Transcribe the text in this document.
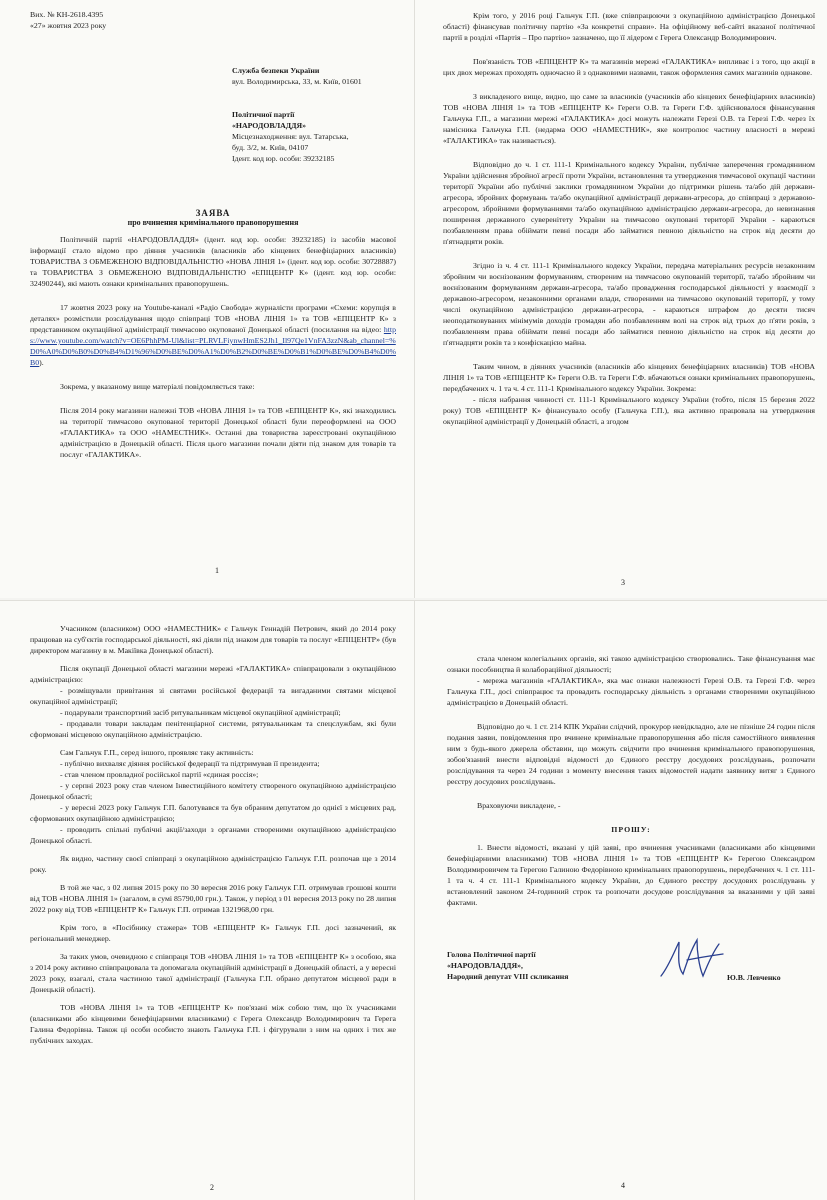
Вих. № КН-2618.4395
«27» жовтня 2023 року

Служба безпеки України

вул. Володимирська, 33, м. Київ, 01601

Політичної партії

«НАРОДОВЛАДДЯ»

Місцезнаходження: вул. Татарська,

буд. 3/2, м. Київ, 04107

Ідент. код юр. особи: 39232185

ЗАЯВА
про вчинення кримінального правопорушення

Політичній партії «НАРОДОВЛАДДЯ» (ідент. код юр. особи: 39232185) із засобів масової інформації стало відомо про діяння учасників (власників або кінцевих бенефіціарних власників) ТОВАРИСТВА З ОБМЕЖЕНОЮ ВІДПОВІДАЛЬНІСТЮ «НОВА ЛІНІЯ 1» (ідент. код юр. особи: 30728887) та ТОВАРИСТВА З ОБМЕЖЕНОЮ ВІДПОВІДАЛЬНІСТЮ «ЕПІЦЕНТР К» (ідент. код юр. особи: 32490244), які мають ознаки кримінальних правопорушень.

17 жовтня 2023 року на Youtube-каналі «Радіо Свобода» журналісти програми «Схеми: корупція в деталях» розмістили розслідування щодо співпраці ТОВ «НОВА ЛІНІЯ 1» та ТОВ «ЕПІЦЕНТР К» з представником окупаційної адміністрації тимчасово окупованої Донецької області (посилання на відео: https://www.youtube.com/watch?v=OE6PhhPM-Ul&list=PLRVLFiynwHmES2Jh1_Il97Qe1VnFA3zzN&ab_channel=%D0%A0%D0%B0%D0%B4%D1%96%D0%BE%D0%A1%D0%B2%D0%BE%D0%B1%D0%BE%D0%B4%D0%B0).

Зокрема, у вказаному вище матеріалі повідомляється таке:

Після 2014 року магазини належні ТОВ «НОВА ЛІНІЯ 1» та ТОВ «ЕПІЦЕНТР К», які знаходились на території тимчасово окупованої території Донецької області були переоформлені на ООО «ГАЛАКТИКА» та ООО «НАМЕСТНИК». Останні два товариства зареєстровані окупаційною адміністрацією в Донецькій області. Після цього магазини почали діяти під знаком для товарів та послуг «ГАЛАКТИКА».

1

Крім того, у 2016 році Гальчук Г.П. (вже співпрацюючи з окупаційною адміністрацією Донецької області) фінансував політичну партію «За конкретні справи». На офіційному веб-сайті вказаної політичної партії в розділі «Партія – Про партію» зазначено, що її лідером є Герега Олександр Володимирович.

Пов'язаність ТОВ «ЕПІЦЕНТР К» та магазинів мережі «ГАЛАКТИКА» випливає і з того, що акції в цих двох мережах проходять одночасно й з однаковими назвами, також оформлення самих магазинів однакове.

З викладеного вище, видно, що саме за власників (учасників або кінцевих бенефіціарних власників) ТОВ «НОВА ЛІНІЯ 1» та ТОВ «ЕПІЦЕНТР К» Гереги О.В. та Гереги Г.Ф. здійснювалося фінансування Гальчука Г.П., а магазини мережі «ГАЛАКТИКА» досі можуть належати Герезі О.В. та Герезі Г.Ф. через їх намісника Гальчука Г.П. (недарма ООО «НАМЕСТНИК», яке контролює частину власності в мережі «ГАЛАКТИКА» так називається).

Відповідно до ч. 1 ст. 111-1 Кримінального кодексу України, публічне заперечення громадянином України здійснення збройної агресії проти України, встановлення та утвердження тимчасової окупації частини території України або публічні заклики громадянином України до підтримки рішень та/або дій держави-агресора, збройних формувань та/або окупаційної адміністрації держави-агресора, до співпраці з державою-агресором, збройними формуваннями та/або окупаційною адміністрацією держави-агресора, до невизнання поширення державного суверенітету України на тимчасово окуповані території України - караються позбавленням права обіймати певні посади або займатися певною діяльністю на строк від десяти до п'ятнадцяти років.

Згідно із ч. 4 ст. 111-1 Кримінального кодексу України, передача матеріальних ресурсів незаконним збройним чи воєнізованим формуванням, створеним на тимчасово окупованій території, та/або збройним чи воєнізованим формуванням держави-агресора, та/або провадження господарської діяльності у взаємодії з державою-агресором, незаконними органами влади, створеними на тимчасово окупованій території, у тому числі окупаційною адміністрацією держави-агресора, - караються штрафом до десяти тисяч неоподатковуваних мінімумів доходів громадян або позбавленням волі на строк від трьох до п'яти років, з позбавленням права обіймати певні посади або займатися певною діяльністю на строк від десяти до п'ятнадцяти років та з конфіскацією майна.

Таким чином, в діяннях учасників (власників або кінцевих бенефіціарних власників) ТОВ «НОВА ЛІНІЯ 1» та ТОВ «ЕПІЦЕНТР К» Гереги О.В. та Гереги Г.Ф. вбачаються ознаки кримінальних правопорушень, передбачених ч. 1 та ч. 4 ст. 111-1 Кримінального кодексу України. Зокрема:

- після набрання чинності ст. 111-1 Кримінального кодексу України (тобто, після 15 березня 2022 року) ТОВ «ЕПІЦЕНТР К» фінансувало особу (Гальчука Г.П.), яка активно працювала на утвердження окупаційної адміністрації у Донецькій області, а згодом

3

Учасником (власником) ООО «НАМЕСТНИК» є Гальчук Геннадій Петрович, який до 2014 року працював на суб'єктів господарської діяльності, які діяли під знаком для товарів та послуг «ЕПІЦЕНТР» (був директором магазину в м. Макіївка Донецької області).

Після окупації Донецької області магазини мережі «ГАЛАКТИКА» співпрацювали з окупаційною адміністрацією:

- розміщували привітання зі святами російської федерації та вигаданими святами місцевої окупаційної адміністрації;

- подарували транспортний засіб ритувальникам місцевої окупаційної адміністрації;

- продавали товари закладам пенітенціарної системи, рятувальникам та спецслужбам, які були сформовані місцевою окупаційною адміністрацією.

Сам Гальчук Г.П., серед іншого, проявляє таку активність:

- публічно вихваляє діяння російської федерації та підтримував її президента;

- став членом провладної російської партії «єдиная россія»;

- у серпні 2023 року став членом Інвестиційного комітету створеного окупаційною адміністрацією Донецької області;

- у вересні 2023 року Гальчук Г.П. балотувався та був обраним депутатом до однієї з місцевих рад, сформованих окупаційною адміністрацією;

- проводить спільні публічні акції/заходи з органами створеними окупаційною адміністрацією Донецької області.

Як видно, частину своєї співпраці з окупаційною адміністрацією Гальчук Г.П. розпочав ще з 2014 року.

В той же час, з 02 липня 2015 року по 30 вересня 2016 року Гальчук Г.П. отримував грошові кошти від ТОВ «НОВА ЛІНІЯ 1» (загалом, в сумі 85790,00 грн.). Також, у період з 01 вересня 2013 року по 28 липня 2022 року від ТОВ «ЕПІЦЕНТР К» Гальчук Г.П. отримав 1321968,00 грн.

Крім того, в «Посібнику стажера» ТОВ «ЕПІЦЕНТР К» Гальчук Г.П. досі зазначений, як регіональний менеджер.

За таких умов, очевидною є співпраця ТОВ «НОВА ЛІНІЯ 1» та ТОВ «ЕПІЦЕНТР К» з особою, яка з 2014 року активно співпрацювала та допомагала окупаційній адміністрації в Донецькій області, а у вересні 2023 року, взагалі, стала частиною такої адміністрації (Гальчука Г.П. обрано депутатом місцевої ради в Донецькій області).

ТОВ «НОВА ЛІНІЯ 1» та ТОВ «ЕПІЦЕНТР К» пов'язані між собою тим, що їх учасниками (власниками або кінцевими бенефіціарними власниками) є Герега Олександр Володимирович та Герега Галина Федорівна. Також ці особи особисто знають Гальчука Г.П. і фігурували з ним на одних і тих же публічних заходах.

2

стала членом колегіальних органів, які такою адміністрацією створювались. Таке фінансування має ознаки пособництва й колабораційної діяльності;

- мережа магазинів «ГАЛАКТИКА», яка має ознаки належності Герезі О.В. та Герезі Г.Ф. через Гальчука Г.П., досі співпрацює та провадить господарську діяльність з органами створеними окупаційною адміністрацією в Донецькій області.

Відповідно до ч. 1 ст. 214 КПК України слідчий, прокурор невідкладно, але не пізніше 24 годин після подання заяви, повідомлення про вчинене кримінальне правопорушення або після самостійного виявлення ним з будь-якого джерела обставин, що можуть свідчити про вчинення кримінального правопорушення, зобов'язаний внести відповідні відомості до Єдиного реєстру досудових розслідувань, розпочати розслідування та через 24 години з моменту внесення таких відомостей надати заявнику витяг з Єдиного реєстру досудових розслідувань.

Враховуючи викладене, -

ПРОШУ:

1. Внести відомості, вказані у цій заяві, про вчинення учасниками (власниками або кінцевими бенефіціарними власниками) ТОВ «НОВА ЛІНІЯ 1» та ТОВ «ЕПІЦЕНТР К» Герегою Олександром Володимировичем та Герегою Галиною Федорівною кримінальних правопорушень, передбачених ч. 1 ст. 111-1 та ч. 4 ст. 111-1 Кримінального кодексу України, до Єдиного реєстру досудових розслідувань у встановлений законом 24-годинний строк та розпочати досудове розслідування за вказаними у цій заяві фактами.

Голова Політичної партії
«НАРОДОВЛАДДЯ»,
Народний депутат VIII скликання	Ю.В. Левченко
4
